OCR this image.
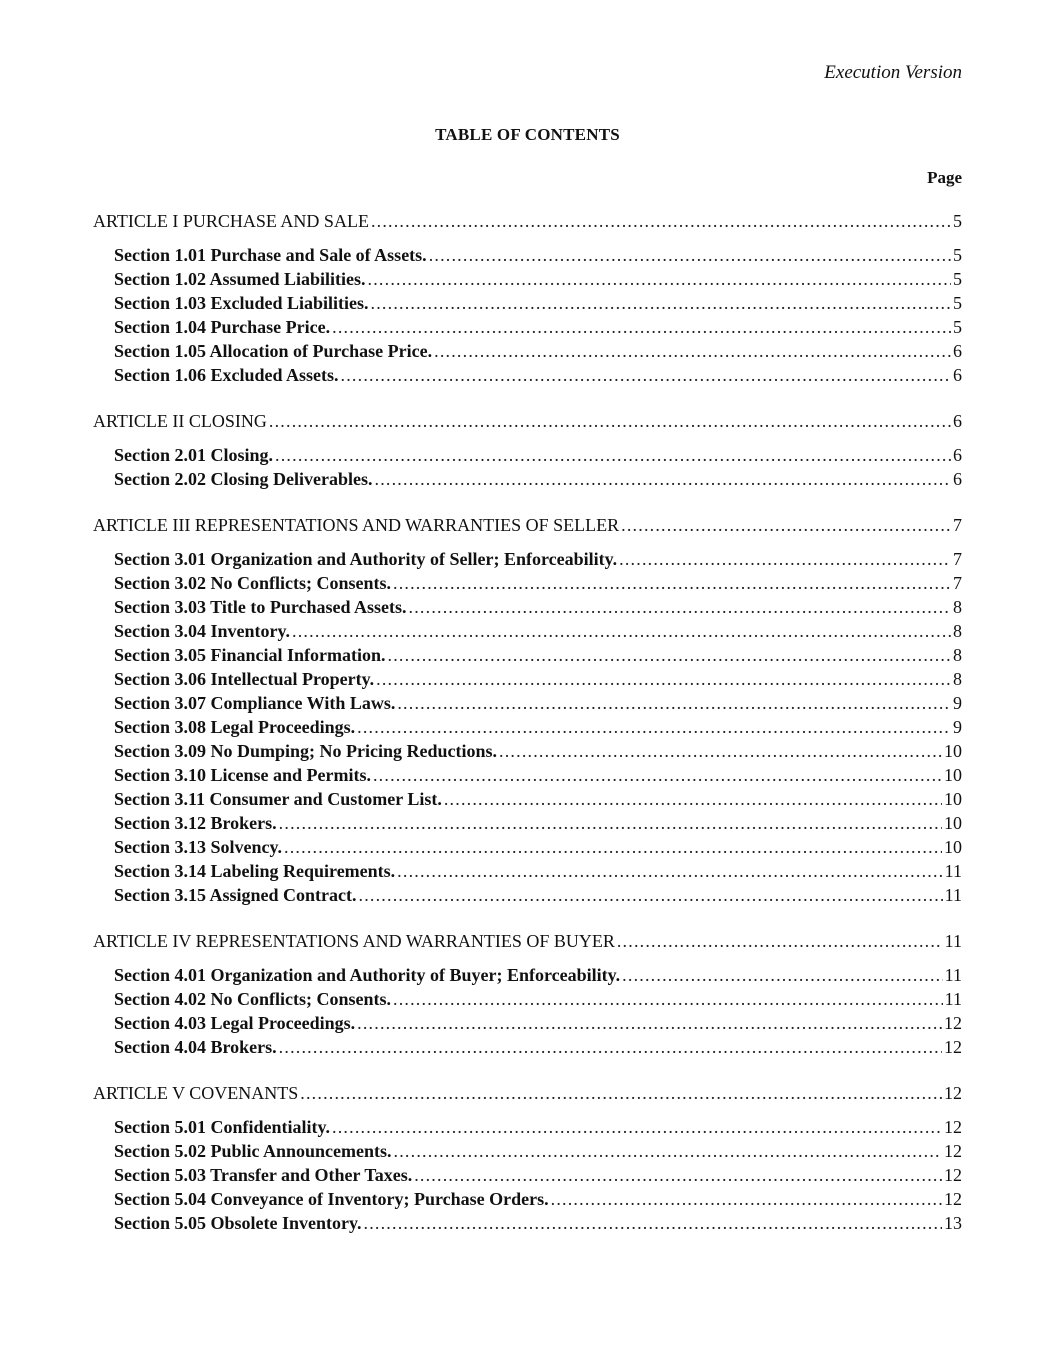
Execution Version
TABLE OF CONTENTS
Page
ARTICLE I PURCHASE AND SALE .....	5
Section 1.01 Purchase and Sale of Assets. .....	5
Section 1.02 Assumed Liabilities. .....	5
Section 1.03 Excluded Liabilities. .....	5
Section 1.04 Purchase Price. .....	5
Section 1.05 Allocation of Purchase Price. .....	6
Section 1.06 Excluded Assets. .....	6
ARTICLE II CLOSING .....	6
Section 2.01 Closing. .....	6
Section 2.02 Closing Deliverables. .....	6
ARTICLE III REPRESENTATIONS AND WARRANTIES OF SELLER .....	7
Section 3.01 Organization and Authority of Seller; Enforceability. .....	7
Section 3.02 No Conflicts; Consents. .....	7
Section 3.03 Title to Purchased Assets. .....	8
Section 3.04 Inventory. .....	8
Section 3.05 Financial Information. .....	8
Section 3.06 Intellectual Property. .....	8
Section 3.07 Compliance With Laws. .....	9
Section 3.08 Legal Proceedings. .....	9
Section 3.09 No Dumping; No Pricing Reductions. .....	10
Section 3.10 License and Permits. .....	10
Section 3.11 Consumer and Customer List. .....	10
Section 3.12 Brokers. .....	10
Section 3.13 Solvency. .....	10
Section 3.14 Labeling Requirements. .....	11
Section 3.15 Assigned Contract. .....	11
ARTICLE IV REPRESENTATIONS AND WARRANTIES OF BUYER .....	11
Section 4.01 Organization and Authority of Buyer; Enforceability. .....	11
Section 4.02 No Conflicts; Consents. .....	11
Section 4.03 Legal Proceedings. .....	12
Section 4.04 Brokers. .....	12
ARTICLE V COVENANTS .....	12
Section 5.01 Confidentiality. .....	12
Section 5.02 Public Announcements. .....	12
Section 5.03 Transfer and Other Taxes. .....	12
Section 5.04 Conveyance of Inventory; Purchase Orders. .....	12
Section 5.05 Obsolete Inventory. .....	13
